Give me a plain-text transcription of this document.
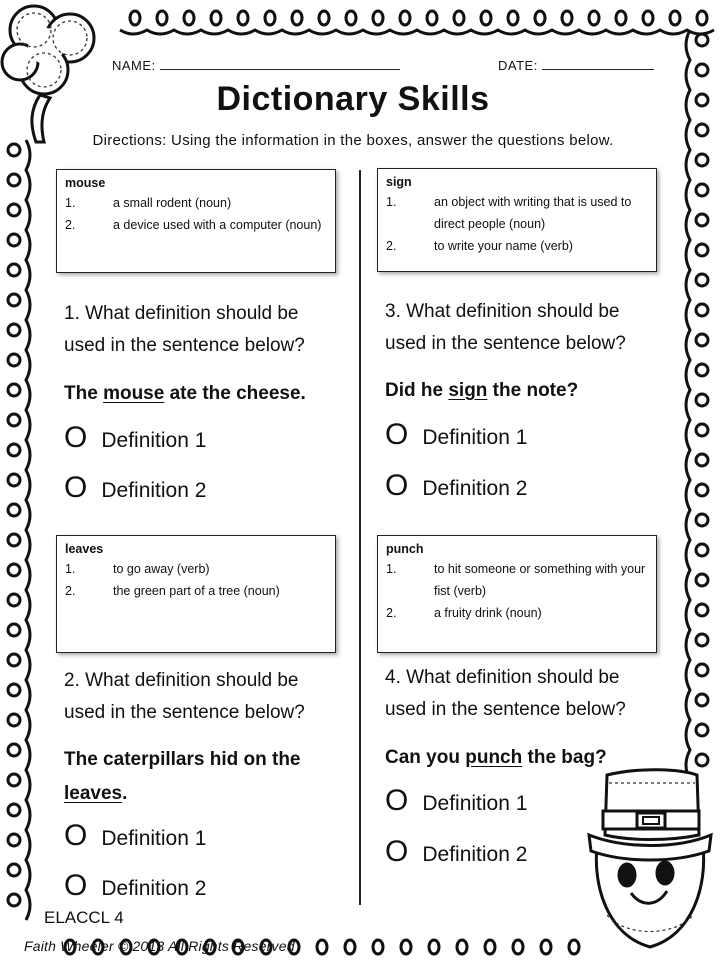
NAME:	DATE:
Dictionary Skills
Directions: Using the information in the boxes, answer the questions below.
mouse
1.	a small rodent (noun)
2.	a device used with a computer (noun)
1. What definition should be used in the sentence below?
The mouse ate the cheese.
O Definition 1
O Definition 2
leaves
1.	to go away (verb)
2.	the green part of a tree (noun)
2. What definition should be used in the sentence below?
The caterpillars hid on the leaves.
O Definition 1
O Definition 2
sign
1.	an object with writing that is used to direct people (noun)
2.	to write your name (verb)
3. What definition should be used in the sentence below?
Did he sign the note?
O Definition 1
O Definition 2
punch
1.	to hit someone or something with your fist (verb)
2.	a fruity drink (noun)
4. What definition should be used in the sentence below?
Can you punch the bag?
O Definition 1
O Definition 2
ELACCL 4
Faith Wheeler © 2013 All Rights Reserved
